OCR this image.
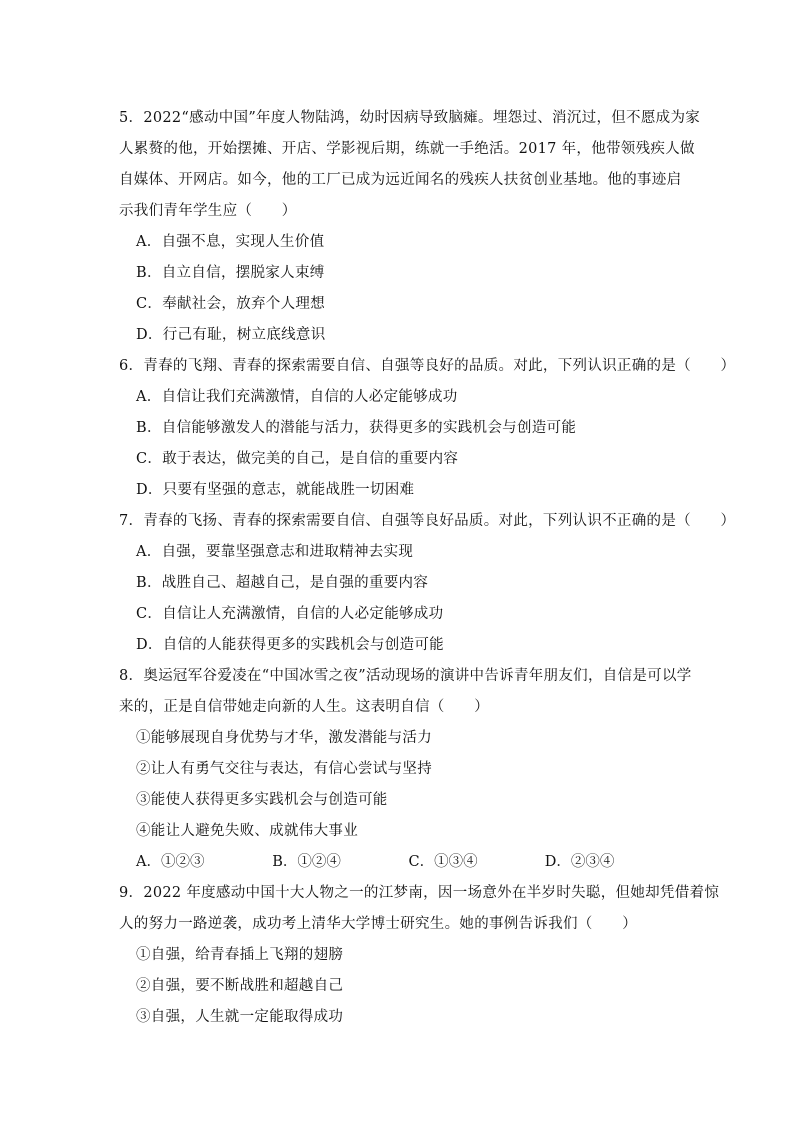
5．2022“感动中国”年度人物陆鸿，幼时因病导致脑瘫。埋怨过、消沉过，但不愿成为家
人累赘的他，开始摆摊、开店、学影视后期，练就一手绝活。2017 年，他带领残疾人做
自媒体、开网店。如今，他的工厂已成为远近闻名的残疾人扶贫创业基地。他的事迹启
示我们青年学生应（　　）
A．自强不息，实现人生价值
B．自立自信，摆脱家人束缚
C．奉献社会，放弃个人理想
D．行己有耻，树立底线意识
6．青春的飞翔、青春的探索需要自信、自强等良好的品质。对此，下列认识正确的是（　　）
A．自信让我们充满激情，自信的人必定能够成功
B．自信能够激发人的潜能与活力，获得更多的实践机会与创造可能
C．敢于表达，做完美的自己，是自信的重要内容
D．只要有坚强的意志，就能战胜一切困难
7．青春的飞扬、青春的探索需要自信、自强等良好品质。对此，下列认识不正确的是（　　）
A．自强，要靠坚强意志和进取精神去实现
B．战胜自己、超越自己，是自强的重要内容
C．自信让人充满激情，自信的人必定能够成功
D．自信的人能获得更多的实践机会与创造可能
8．奥运冠军谷爱凌在“中国冰雪之夜”活动现场的演讲中告诉青年朋友们，自信是可以学
来的，正是自信带她走向新的人生。这表明自信（　　）
①能够展现自身优势与才华，激发潜能与活力
②让人有勇气交往与表达，有信心尝试与坚持
③能使人获得更多实践机会与创造可能
④能让人避免失败、成就伟大事业
A．①②③	B．①②④	C．①③④	D．②③④
9．2022 年度感动中国十大人物之一的江梦南，因一场意外在半岁时失聪，但她却凭借着惊
人的努力一路逆袭，成功考上清华大学博士研究生。她的事例告诉我们（　　）
①自强，给青春插上飞翔的翅膀
②自强，要不断战胜和超越自己
③自强，人生就一定能取得成功
